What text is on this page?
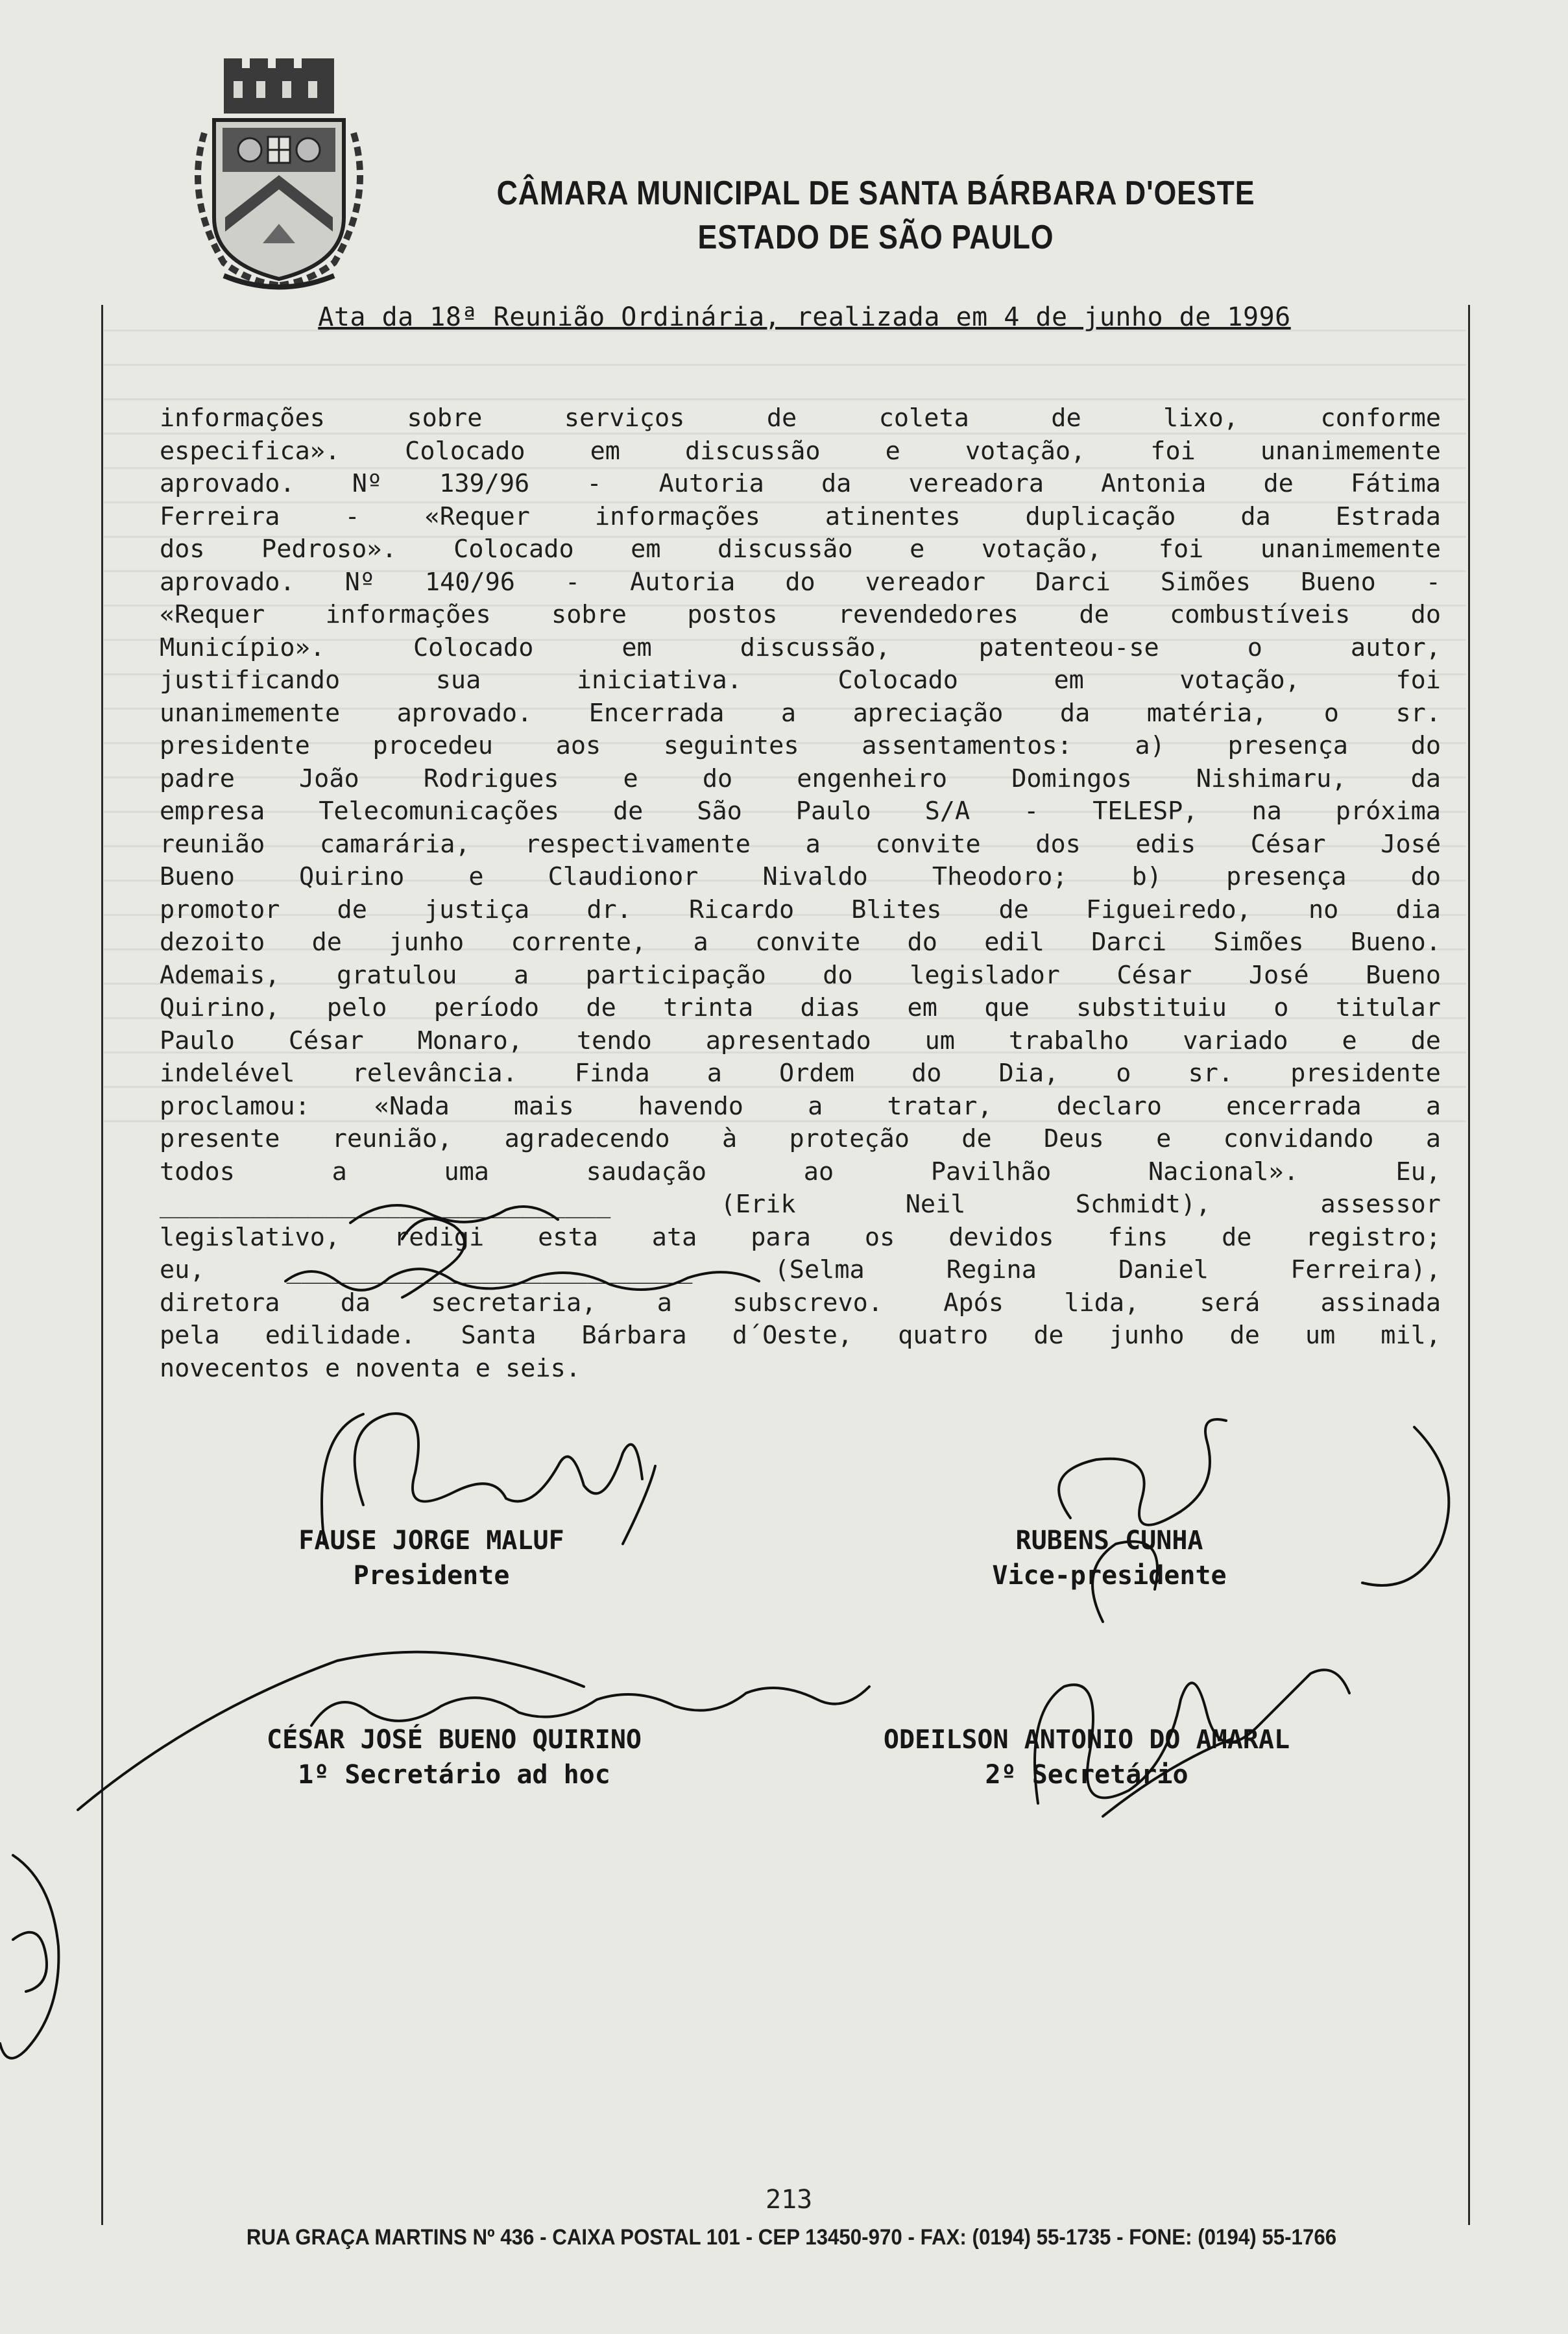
CÂMARA MUNICIPAL DE SANTA BÁRBARA D'OESTE
ESTADO DE SÃO PAULO
Ata da 18ª Reunião Ordinária, realizada em 4 de junho de 1996
informações sobre serviços de coleta de lixo, conforme
especifica». Colocado em discussão e votação, foi unanimemente
aprovado. Nº 139/96 - Autoria da vereadora Antonia de Fátima
Ferreira - «Requer informações atinentes duplicação da Estrada
dos Pedroso». Colocado em discussão e votação, foi unanimemente
aprovado. Nº 140/96 - Autoria do vereador Darci Simões Bueno -
«Requer informações sobre postos revendedores de combustíveis do
Município». Colocado em discussão, patenteou-se o autor,
justificando sua iniciativa. Colocado em votação, foi
unanimemente aprovado. Encerrada a apreciação da matéria, o sr.
presidente procedeu aos seguintes assentamentos: a) presença do
padre João Rodrigues e do engenheiro Domingos Nishimaru, da
empresa Telecomunicações de São Paulo S/A - TELESP, na próxima
reunião camarária, respectivamente a convite dos edis César José
Bueno Quirino e Claudionor Nivaldo Theodoro; b) presença do
promotor de justiça dr. Ricardo Blites de Figueiredo, no dia
dezoito de junho corrente, a convite do edil Darci Simões Bueno.
Ademais, gratulou a participação do legislador César José Bueno
Quirino, pelo período de trinta dias em que substituiu o titular
Paulo César Monaro, tendo apresentado um trabalho variado e de
indelével relevância. Finda a Ordem do Dia, o sr. presidente
proclamou: «Nada mais havendo a tratar, declaro encerrada a
presente reunião, agradecendo à proteção de Deus e convidando a
todos a uma saudação ao Pavilhão Nacional». Eu,
______________________________ (Erik Neil Schmidt), assessor
legislativo, redigi esta ata para os devidos fins de registro;
eu, ___________________________ (Selma Regina Daniel Ferreira),
diretora da secretaria, a subscrevo. Após lida, será assinada
pela edilidade. Santa Bárbara d´Oeste, quatro de junho de um mil,
novecentos e noventa e seis.
FAUSE JORGE MALUF
Presidente
RUBENS CUNHA
Vice-presidente
CÉSAR JOSÉ BUENO QUIRINO
1º Secretário ad hoc
ODEILSON ANTONIO DO AMARAL
2º Secretário
213
RUA GRAÇA MARTINS Nº 436 - CAIXA POSTAL 101 - CEP 13450-970 - FAX: (0194) 55-1735 - FONE: (0194) 55-1766
